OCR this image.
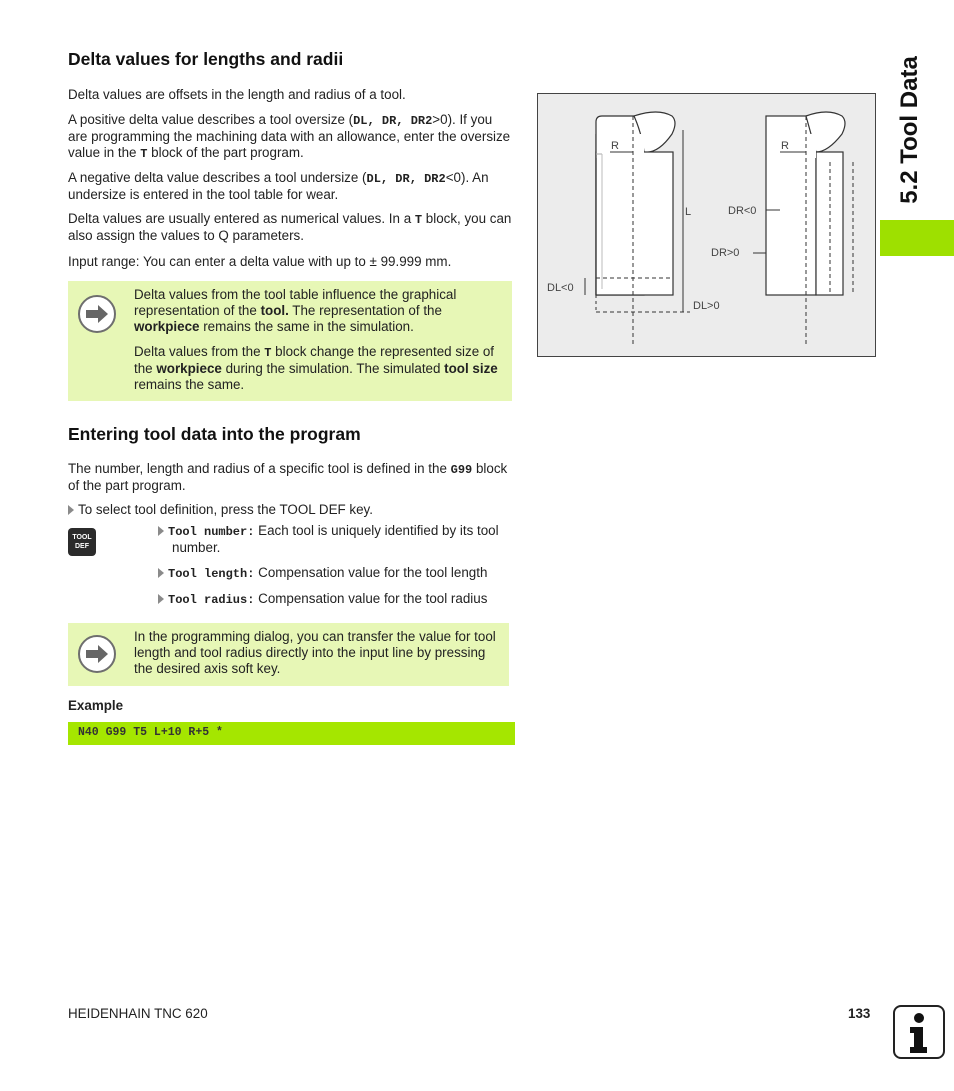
5.2 Tool Data
Delta values for lengths and radii

Delta values are offsets in the length and radius of a tool.

A positive delta value describes a tool oversize (DL, DR, DR2>0). If you are programming the machining data with an allowance, enter the oversize value in the T block of the part program.

A negative delta value describes a tool undersize (DL, DR, DR2<0). An undersize is entered in the tool table for wear.

Delta values are usually entered as numerical values. In a T block, you can also assign the values to Q parameters.

Input range: You can enter a delta value with up to ± 99.999 mm.

Delta values from the tool table influence the graphical representation of the tool. The representation of the workpiece remains the same in the simulation.

Delta values from the T block change the represented size of the workpiece during the simulation. The simulated tool size remains the same.

R
L
DL<0
DL>0
R
DR<0
DR>0
Entering tool data into the program

The number, length and radius of a specific tool is defined in the G99 block of the part program.

To select tool definition, press the TOOL DEF key.

TOOL
DEF

Tool number: Each tool is uniquely identified by its tool number.

Tool length: Compensation value for the tool length

Tool radius: Compensation value for the tool radius

In the programming dialog, you can transfer the value for tool length and tool radius directly into the input line by pressing the desired axis soft key.

Example

N40 G99 T5 L+10 R+5 *

HEIDENHAIN TNC 620	133
